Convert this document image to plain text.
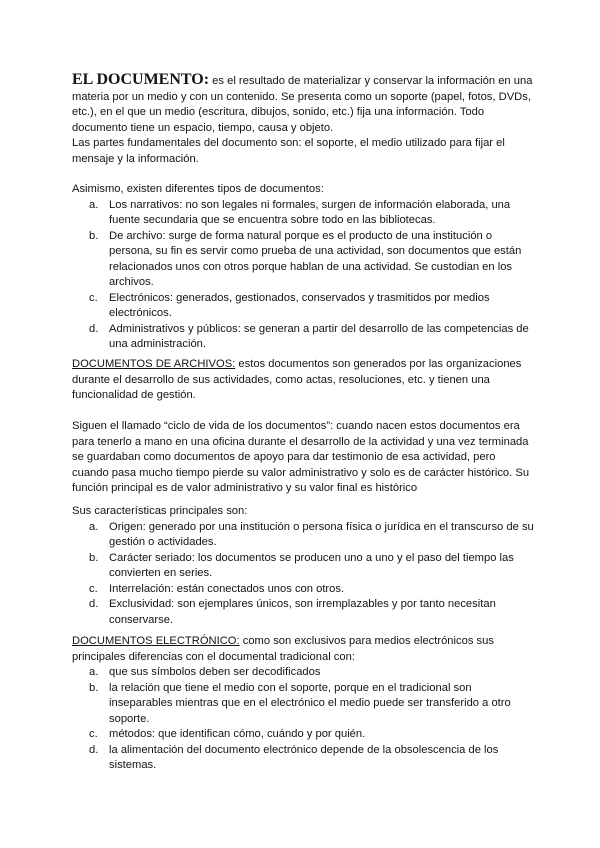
EL DOCUMENTO: es el resultado de materializar y conservar la información en una materia por un medio y con un contenido. Se presenta como un soporte (papel, fotos, DVDs, etc.), en el que un medio (escritura, dibujos, sonido, etc.) fija una información. Todo documento tiene un espacio, tiempo, causa y objeto.

Las partes fundamentales del documento son: el soporte, el medio utilizado para fijar el mensaje y la información.

Asimismo, existen diferentes tipos de documentos:

a. Los narrativos: no son legales ni formales, surgen de información elaborada, una fuente secundaria que se encuentra sobre todo en las bibliotecas.
b. De archivo: surge de forma natural porque es el producto de una institución o persona, su fin es servir como prueba de una actividad, son documentos que están relacionados unos con otros porque hablan de una actividad. Se custodian en los archivos.
c. Electrónicos: generados, gestionados, conservados y trasmitidos por medios electrónicos.
d. Administrativos y públicos: se generan a partir del desarrollo de las competencias de una administración.

DOCUMENTOS DE ARCHIVOS: estos documentos son generados por las organizaciones durante el desarrollo de sus actividades, como actas, resoluciones, etc. y tienen una funcionalidad de gestión.

Siguen el llamado “ciclo de vida de los documentos”: cuando nacen estos documentos era para tenerlo a mano en una oficina durante el desarrollo de la actividad y una vez terminada se guardaban como documentos de apoyo para dar testimonio de esa actividad, pero cuando pasa mucho tiempo pierde su valor administrativo y solo es de carácter histórico. Su función principal es de valor administrativo y su valor final es histórico

Sus características principales son:

a. Origen: generado por una institución o persona física o jurídica en el transcurso de su gestión o actividades.
b. Carácter seriado: los documentos se producen uno a uno y el paso del tiempo las convierten en series.
c. Interrelación: están conectados unos con otros.
d. Exclusividad: son ejemplares únicos, son irremplazables y por tanto necesitan conservarse.

DOCUMENTOS ELECTRÓNICO: como son exclusivos para medios electrónicos sus principales diferencias con el documental tradicional con:

a. que sus símbolos deben ser decodificados
b. la relación que tiene el medio con el soporte, porque en el tradicional son inseparables mientras que en el electrónico el medio puede ser transferido a otro soporte.
c. métodos: que identifican cómo, cuándo y por quién.
d. la alimentación del documento electrónico depende de la obsolescencia de los sistemas.
